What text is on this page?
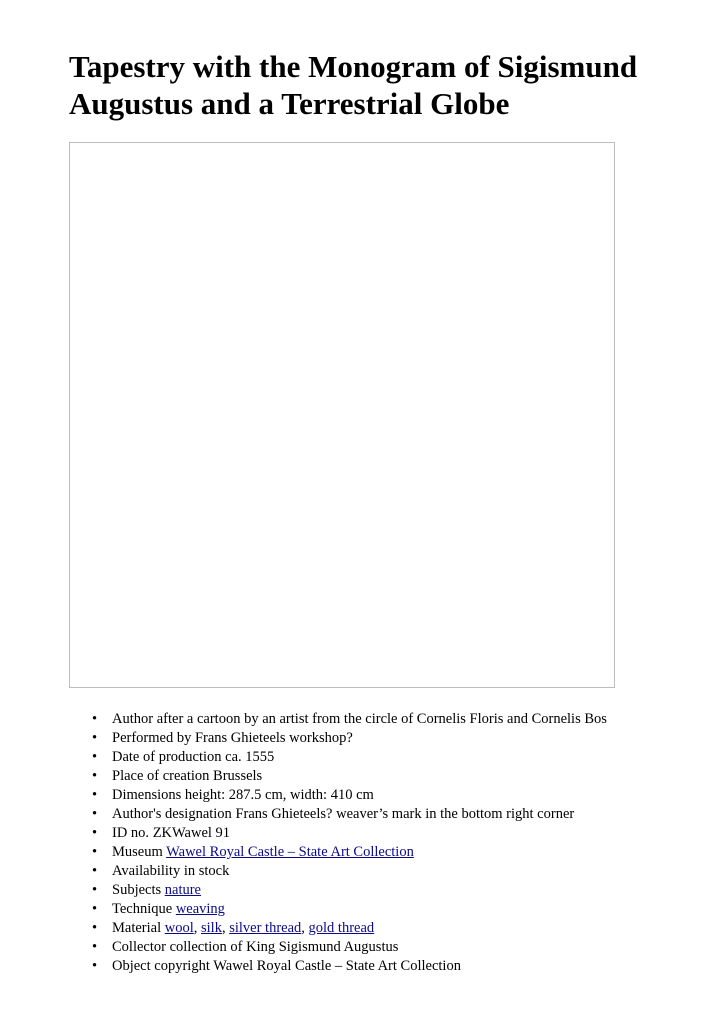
Tapestry with the Monogram of Sigismund Augustus and a Terrestrial Globe
• Author after a cartoon by an artist from the circle of Cornelis Floris and Cornelis Bos
• Performed by Frans Ghieteels workshop?
• Date of production ca. 1555
• Place of creation Brussels
• Dimensions height: 287.5 cm, width: 410 cm
• Author's designation Frans Ghieteels? weaver’s mark in the bottom right corner
• ID no. ZKWawel 91
• Museum Wawel Royal Castle – State Art Collection
• Availability in stock
• Subjects nature
• Technique weaving
• Material wool, silk, silver thread, gold thread
• Collector collection of King Sigismund Augustus
• Object copyright Wawel Royal Castle – State Art Collection
